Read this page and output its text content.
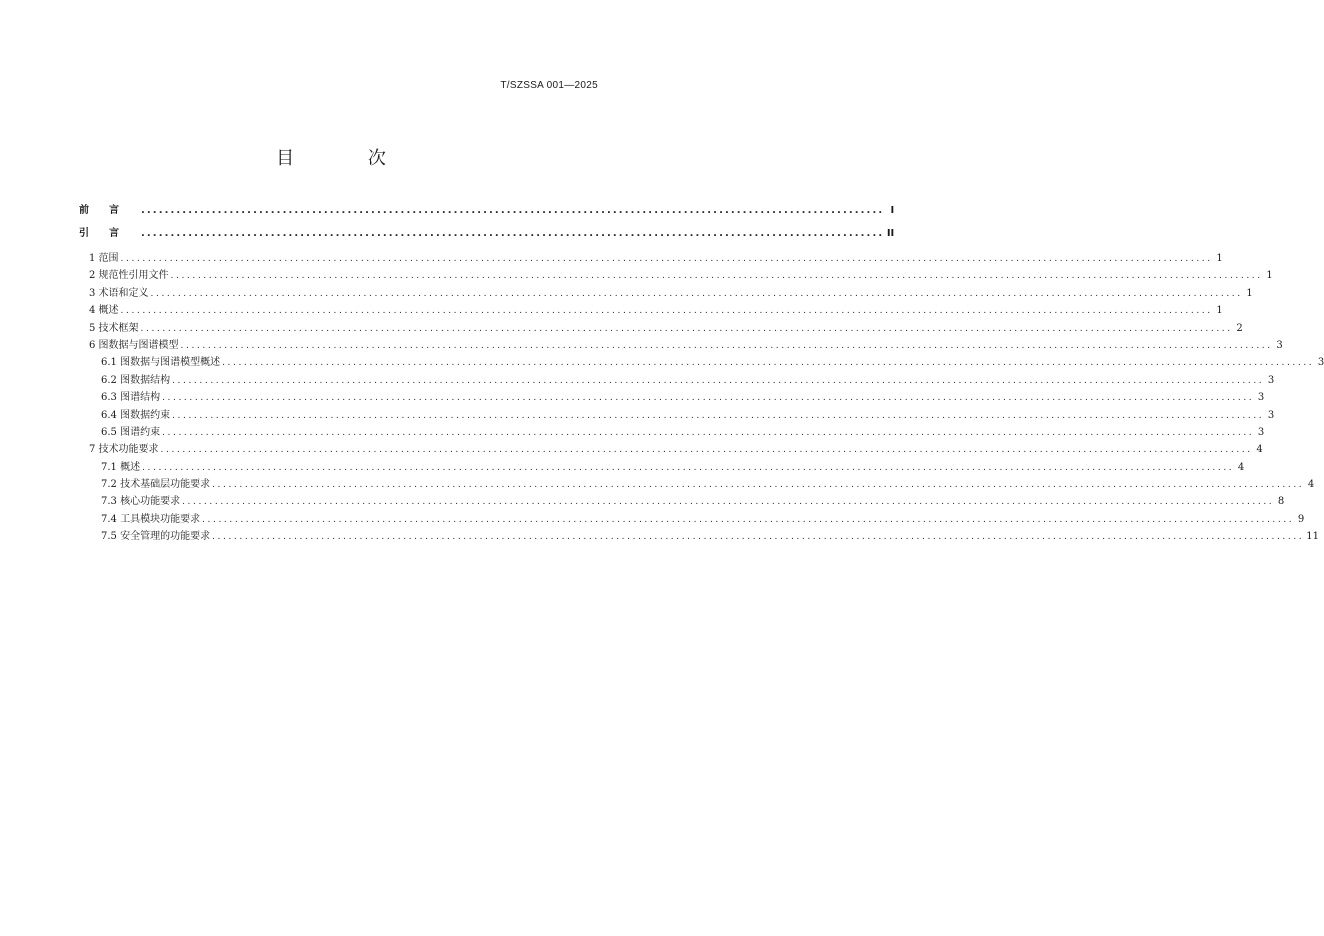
T/SZSSA 001—2025
目 次
前言 .............................................................................................................................. I
引言 .............................................................................................................................. II
1 范围 ........................................................................................................................................................................................................ 1
2 规范性引用文件 ........................................................................................................................................................................................................ 1
3 术语和定义 ........................................................................................................................................................................................................ 1
4 概述 ........................................................................................................................................................................................................ 1
5 技术框架 ........................................................................................................................................................................................................ 2
6 图数据与图谱模型 ........................................................................................................................................................................................................ 3
6.1 图数据与图谱模型概述 ........................................................................................................................................................................................................ 3
6.2 图数据结构 ........................................................................................................................................................................................................ 3
6.3 图谱结构 ........................................................................................................................................................................................................ 3
6.4 图数据约束 ........................................................................................................................................................................................................ 3
6.5 图谱约束 ........................................................................................................................................................................................................ 3
7 技术功能要求 ........................................................................................................................................................................................................ 4
7.1 概述 ........................................................................................................................................................................................................ 4
7.2 技术基础层功能要求 ........................................................................................................................................................................................................ 4
7.3 核心功能要求 ........................................................................................................................................................................................................ 8
7.4 工具模块功能要求 ........................................................................................................................................................................................................ 9
7.5 安全管理的功能要求 ........................................................................................................................................................................................................ 11
